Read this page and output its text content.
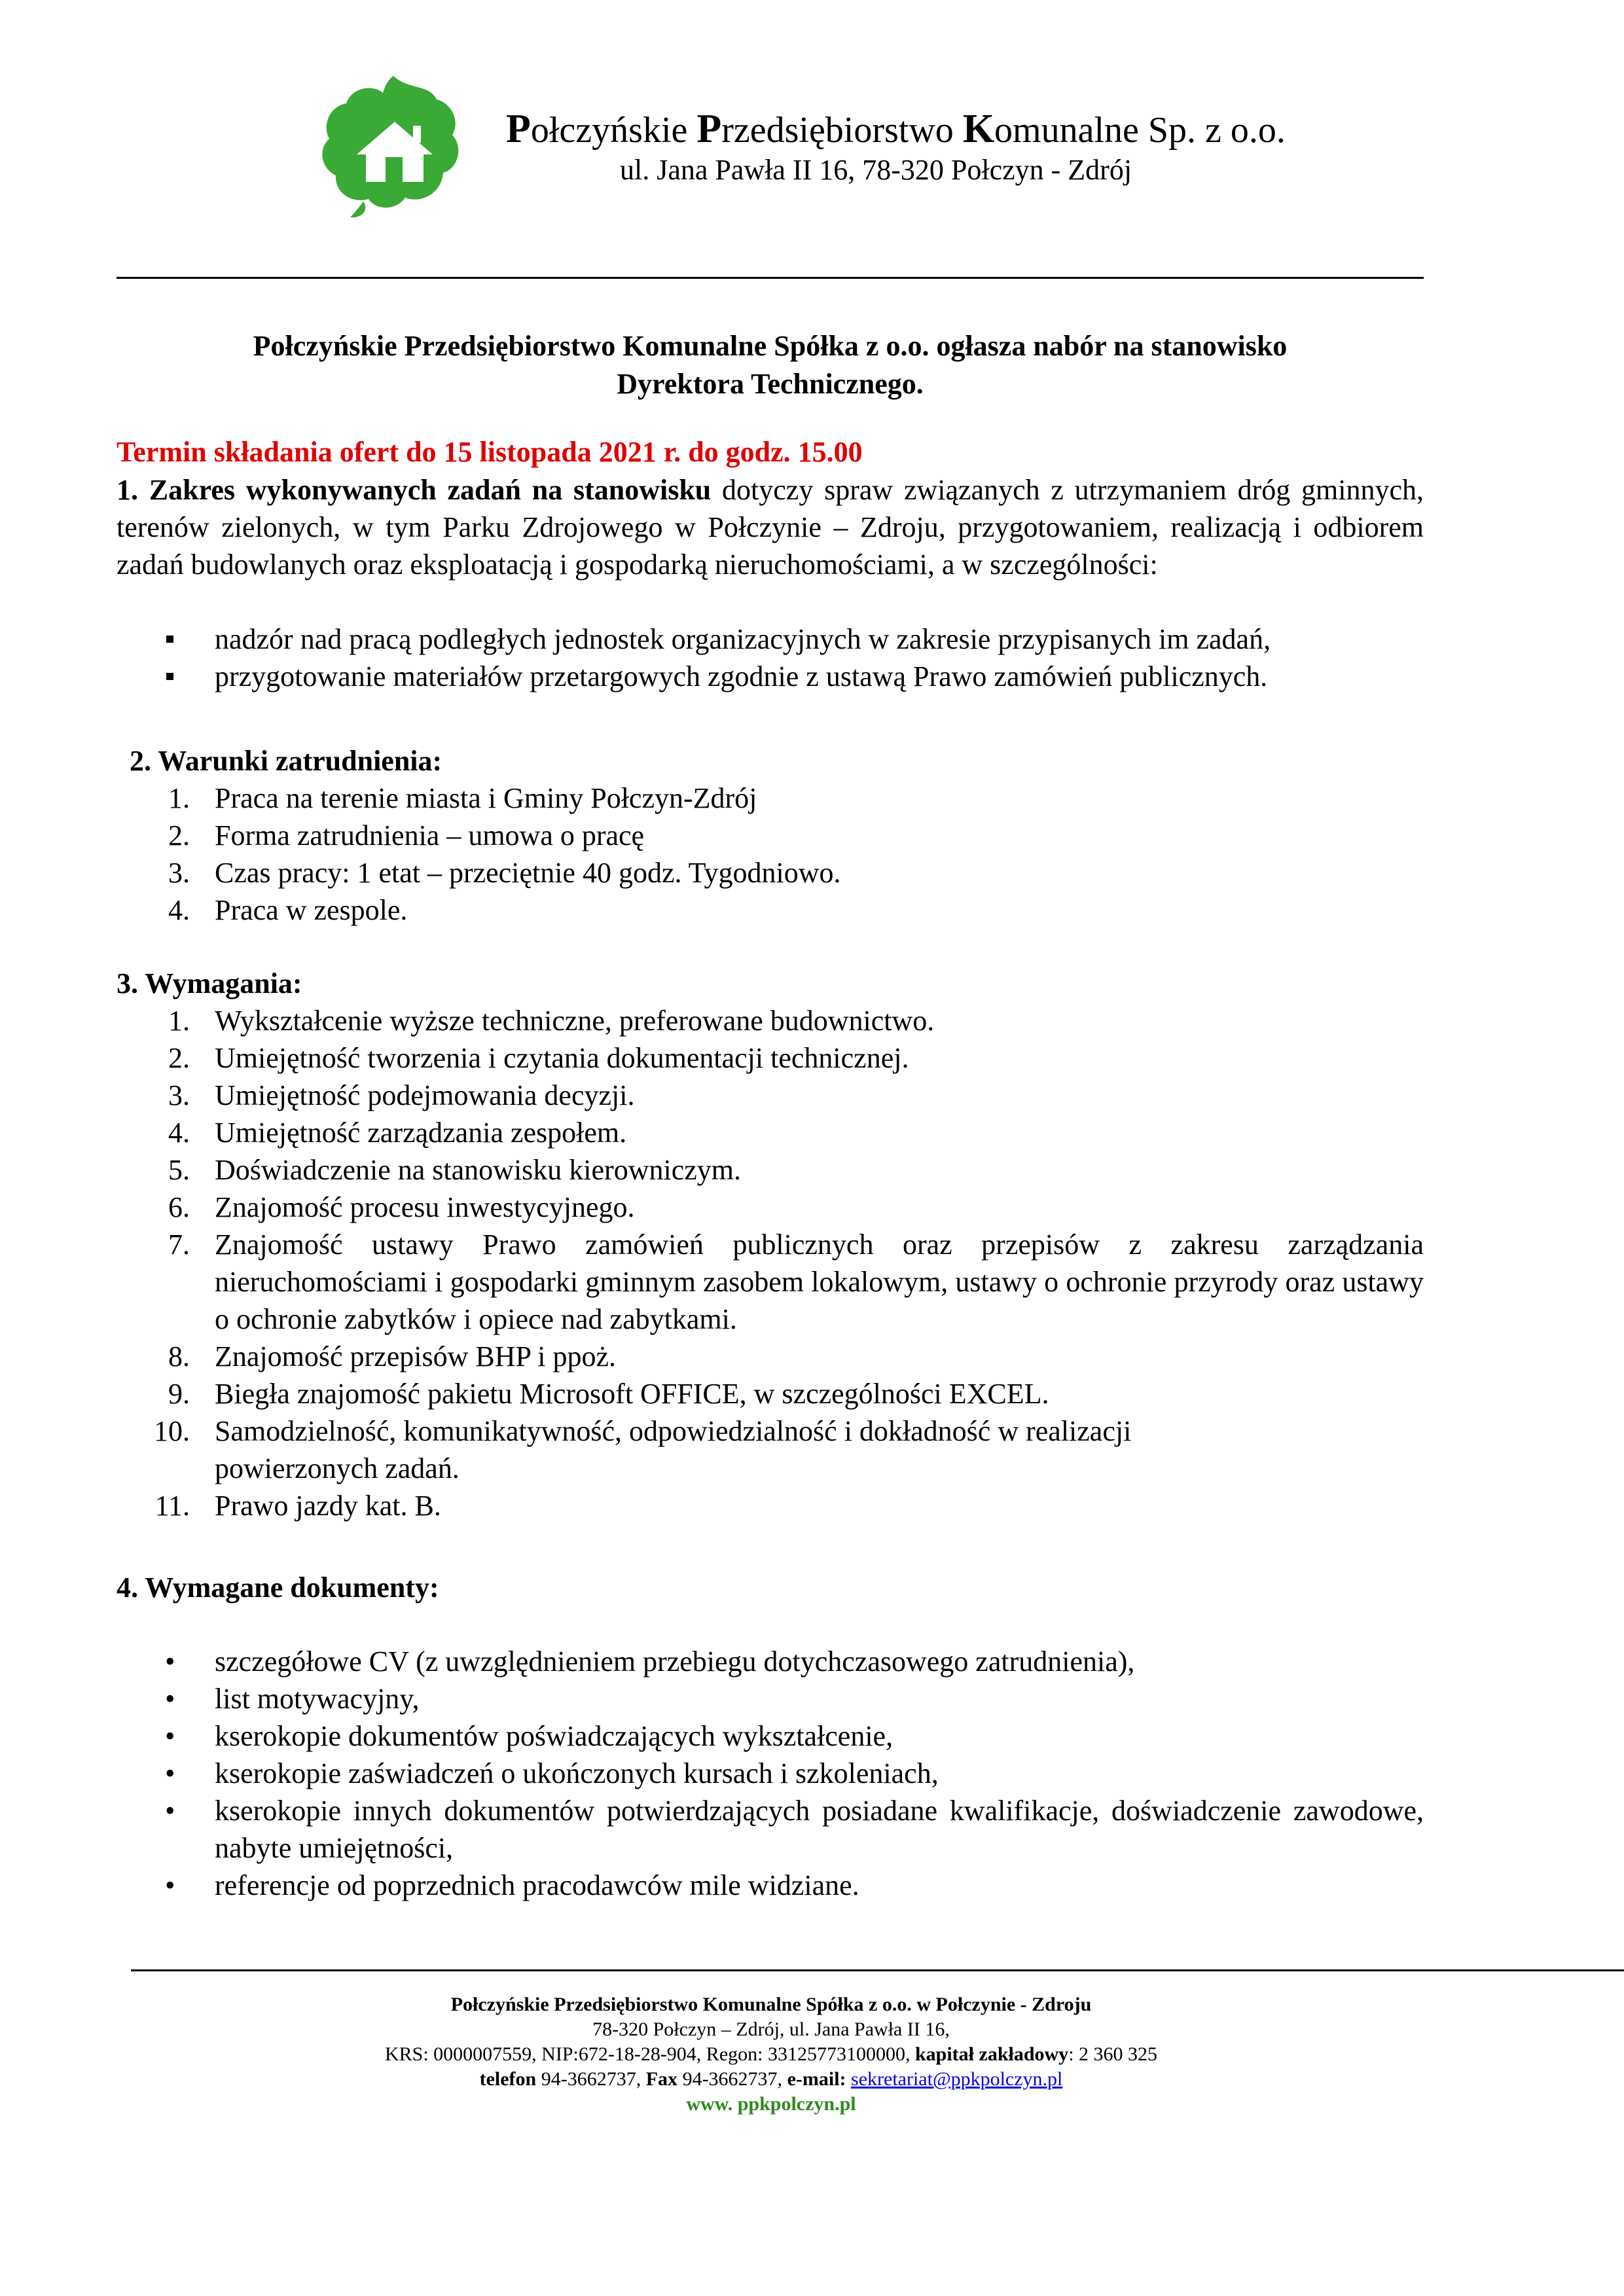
Połczyńskie Przedsiębiorstwo Komunalne Sp. z o.o.
ul. Jana Pawła II 16, 78-320 Połczyn - Zdrój
Połczyńskie Przedsiębiorstwo Komunalne Spółka z o.o. ogłasza nabór na stanowisko
Dyrektora Technicznego.
Termin składania ofert do 15 listopada 2021 r. do godz. 15.00
1. Zakres wykonywanych zadań na stanowisku dotyczy spraw związanych z utrzymaniem dróg gminnych, terenów zielonych, w tym Parku Zdrojowego w Połczynie – Zdroju, przygotowaniem, realizacją i odbiorem zadań budowlanych oraz eksploatacją i gospodarką nieruchomościami, a w szczególności:
nadzór nad pracą podległych jednostek organizacyjnych w zakresie przypisanych im zadań,
przygotowanie materiałów przetargowych zgodnie z ustawą Prawo zamówień publicznych.
2. Warunki zatrudnienia:
1. Praca na terenie miasta i Gminy Połczyn-Zdrój
2. Forma zatrudnienia – umowa o pracę
3. Czas pracy: 1 etat – przeciętnie 40 godz. Tygodniowo.
4. Praca w zespole.
3. Wymagania:
1. Wykształcenie wyższe techniczne, preferowane budownictwo.
2. Umiejętność tworzenia i czytania dokumentacji technicznej.
3. Umiejętność podejmowania decyzji.
4. Umiejętność zarządzania zespołem.
5. Doświadczenie na stanowisku kierowniczym.
6. Znajomość procesu inwestycyjnego.
7. Znajomość ustawy Prawo zamówień publicznych oraz przepisów z zakresu zarządzania nieruchomościami i gospodarki gminnym zasobem lokalowym, ustawy o ochronie przyrody oraz ustawy o ochronie zabytków i opiece nad zabytkami.
8. Znajomość przepisów BHP i ppoż.
9. Biegła znajomość pakietu Microsoft OFFICE, w szczególności EXCEL.
10. Samodzielność, komunikatywność, odpowiedzialność i dokładność w realizacji powierzonych zadań.
11. Prawo jazdy kat. B.
4. Wymagane dokumenty:
• szczegółowe CV (z uwzględnieniem przebiegu dotychczasowego zatrudnienia),
• list motywacyjny,
• kserokopie dokumentów poświadczających wykształcenie,
• kserokopie zaświadczeń o ukończonych kursach i szkoleniach,
• kserokopie innych dokumentów potwierdzających posiadane kwalifikacje, doświadczenie zawodowe, nabyte umiejętności,
• referencje od poprzednich pracodawców mile widziane.
Połczyńskie Przedsiębiorstwo Komunalne Spółka z o.o. w Połczynie - Zdroju
78-320 Połczyn – Zdrój, ul. Jana Pawła II 16,
KRS: 0000007559, NIP:672-18-28-904, Regon: 33125773100000, kapitał zakładowy: 2 360 325
telefon 94-3662737, Fax 94-3662737, e-mail: sekretariat@ppkpolczyn.pl
www. ppkpolczyn.pl
